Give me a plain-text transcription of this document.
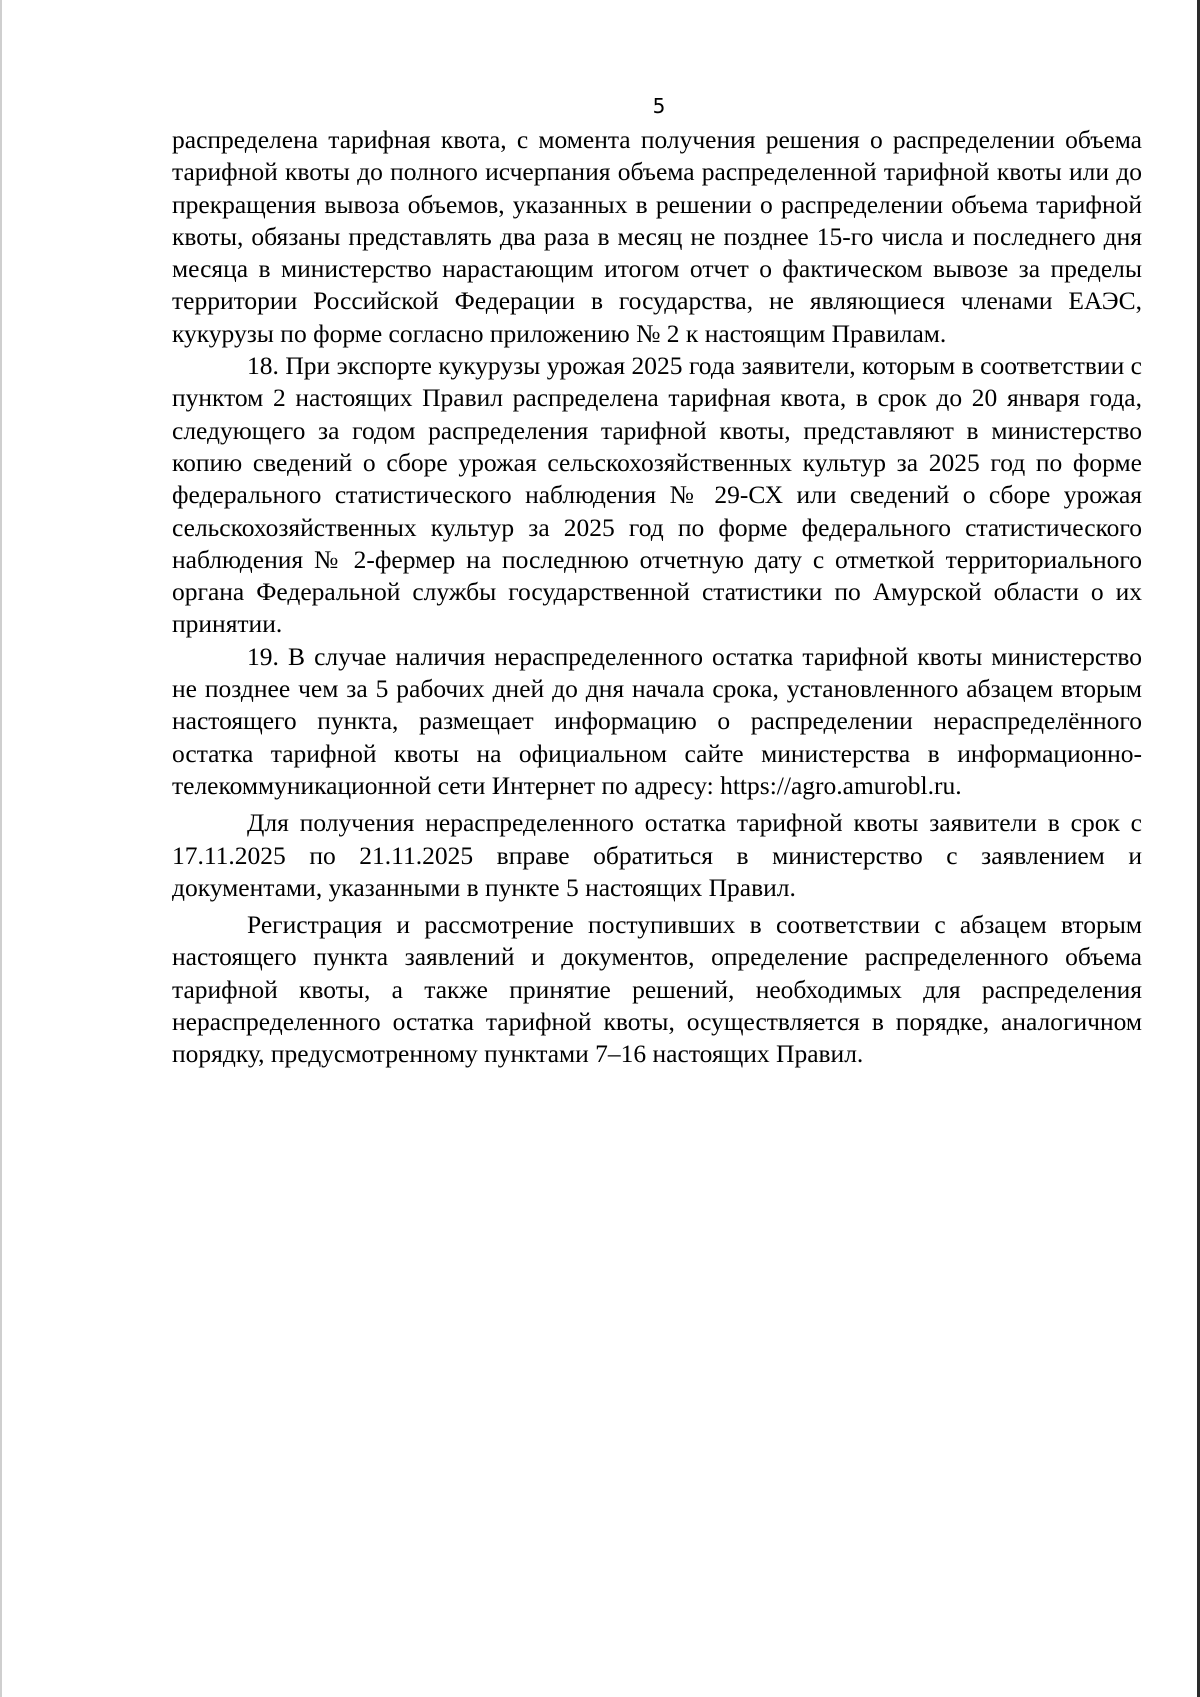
5

распределена тарифная квота, с момента получения решения о распределении объема тарифной квоты до полного исчерпания объема распределенной тарифной квоты или до прекращения вывоза объемов, указанных в решении о распределении объема тарифной квоты, обязаны представлять два раза в месяц не позднее 15-го числа и последнего дня месяца в министерство нарастающим итогом отчет о фактическом вывозе за пределы территории Российской Федерации в государства, не являющиеся членами ЕАЭС, кукурузы по форме согласно приложению № 2 к настоящим Правилам.

18. При экспорте кукурузы урожая 2025 года заявители, которым в соответствии с пунктом 2 настоящих Правил распределена тарифная квота, в срок до 20 января года, следующего за годом распределения тарифной квоты, представляют в министерство копию сведений о сборе урожая сельскохозяйственных культур за 2025 год по форме федерального статистического наблюдения № 29-СХ или сведений о сборе урожая сельскохозяйственных культур за 2025 год по форме федерального статистического наблюдения № 2-фермер на последнюю отчетную дату с отметкой территориального органа Федеральной службы государственной статистики по Амурской области о их принятии.

19. В случае наличия нераспределенного остатка тарифной квоты министерство не позднее чем за 5 рабочих дней до дня начала срока, установленного абзацем вторым настоящего пункта, размещает информацию о распределении нераспределённого остатка тарифной квоты на официальном сайте министерства в информационно-телекоммуникационной сети Интернет по адресу: https://agro.amurobl.ru.

Для получения нераспределенного остатка тарифной квоты заявители в срок с 17.11.2025 по 21.11.2025 вправе обратиться в министерство с заявлением и документами, указанными в пункте 5 настоящих Правил.

Регистрация и рассмотрение поступивших в соответствии с абзацем вторым настоящего пункта заявлений и документов, определение распределенного объема тарифной квоты, а также принятие решений, необходимых для распределения нераспределенного остатка тарифной квоты, осуществляется в порядке, аналогичном порядку, предусмотренному пунктами 7–16 настоящих Правил.
